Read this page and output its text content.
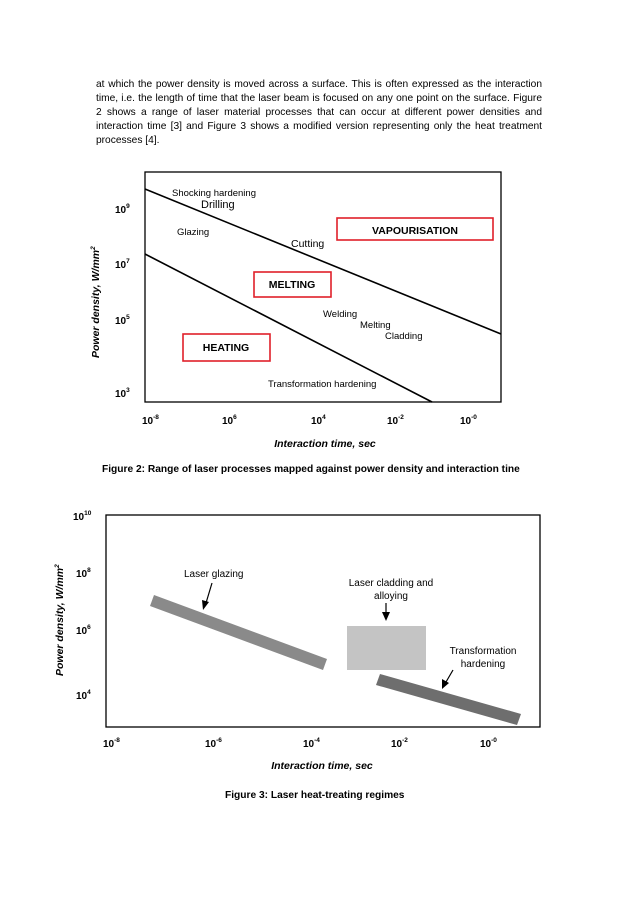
at which the power density is moved across a surface. This is often expressed as the interaction time, i.e. the length of time that the laser beam is focused on any one point on the surface. Figure 2 shows a range of laser material processes that can occur at different power densities and interaction time [3] and Figure 3 shows a modified version representing only the heat treatment processes [4].

Power density, $W/mm^2$
$10^9$
$10^7$
$10^5$
$10^3$
$10^{-8}$	$10^6$	$10^4$	$10^{-2}$	$10^{-0}$
Interaction time, sec
VAPOURISATION
MELTING
HEATING
Shocking hardening
Drilling
Glazing
Cutting
Welding
Melting
Cladding
Transformation hardening
Power density, $W/mm^2$
$10^{10}$
$10^8$
$10^6$
$10^4$
$10^{-8}$	$10^{-6}$	$10^{-4}$	$10^{-2}$	$10^{-0}$
Interaction time, sec
Laser glazing
Laser cladding and
alloying
Transformation
hardening
Figure 2: Range of laser processes mapped against power density and interaction tine
Figure 3: Laser heat-treating regimes
